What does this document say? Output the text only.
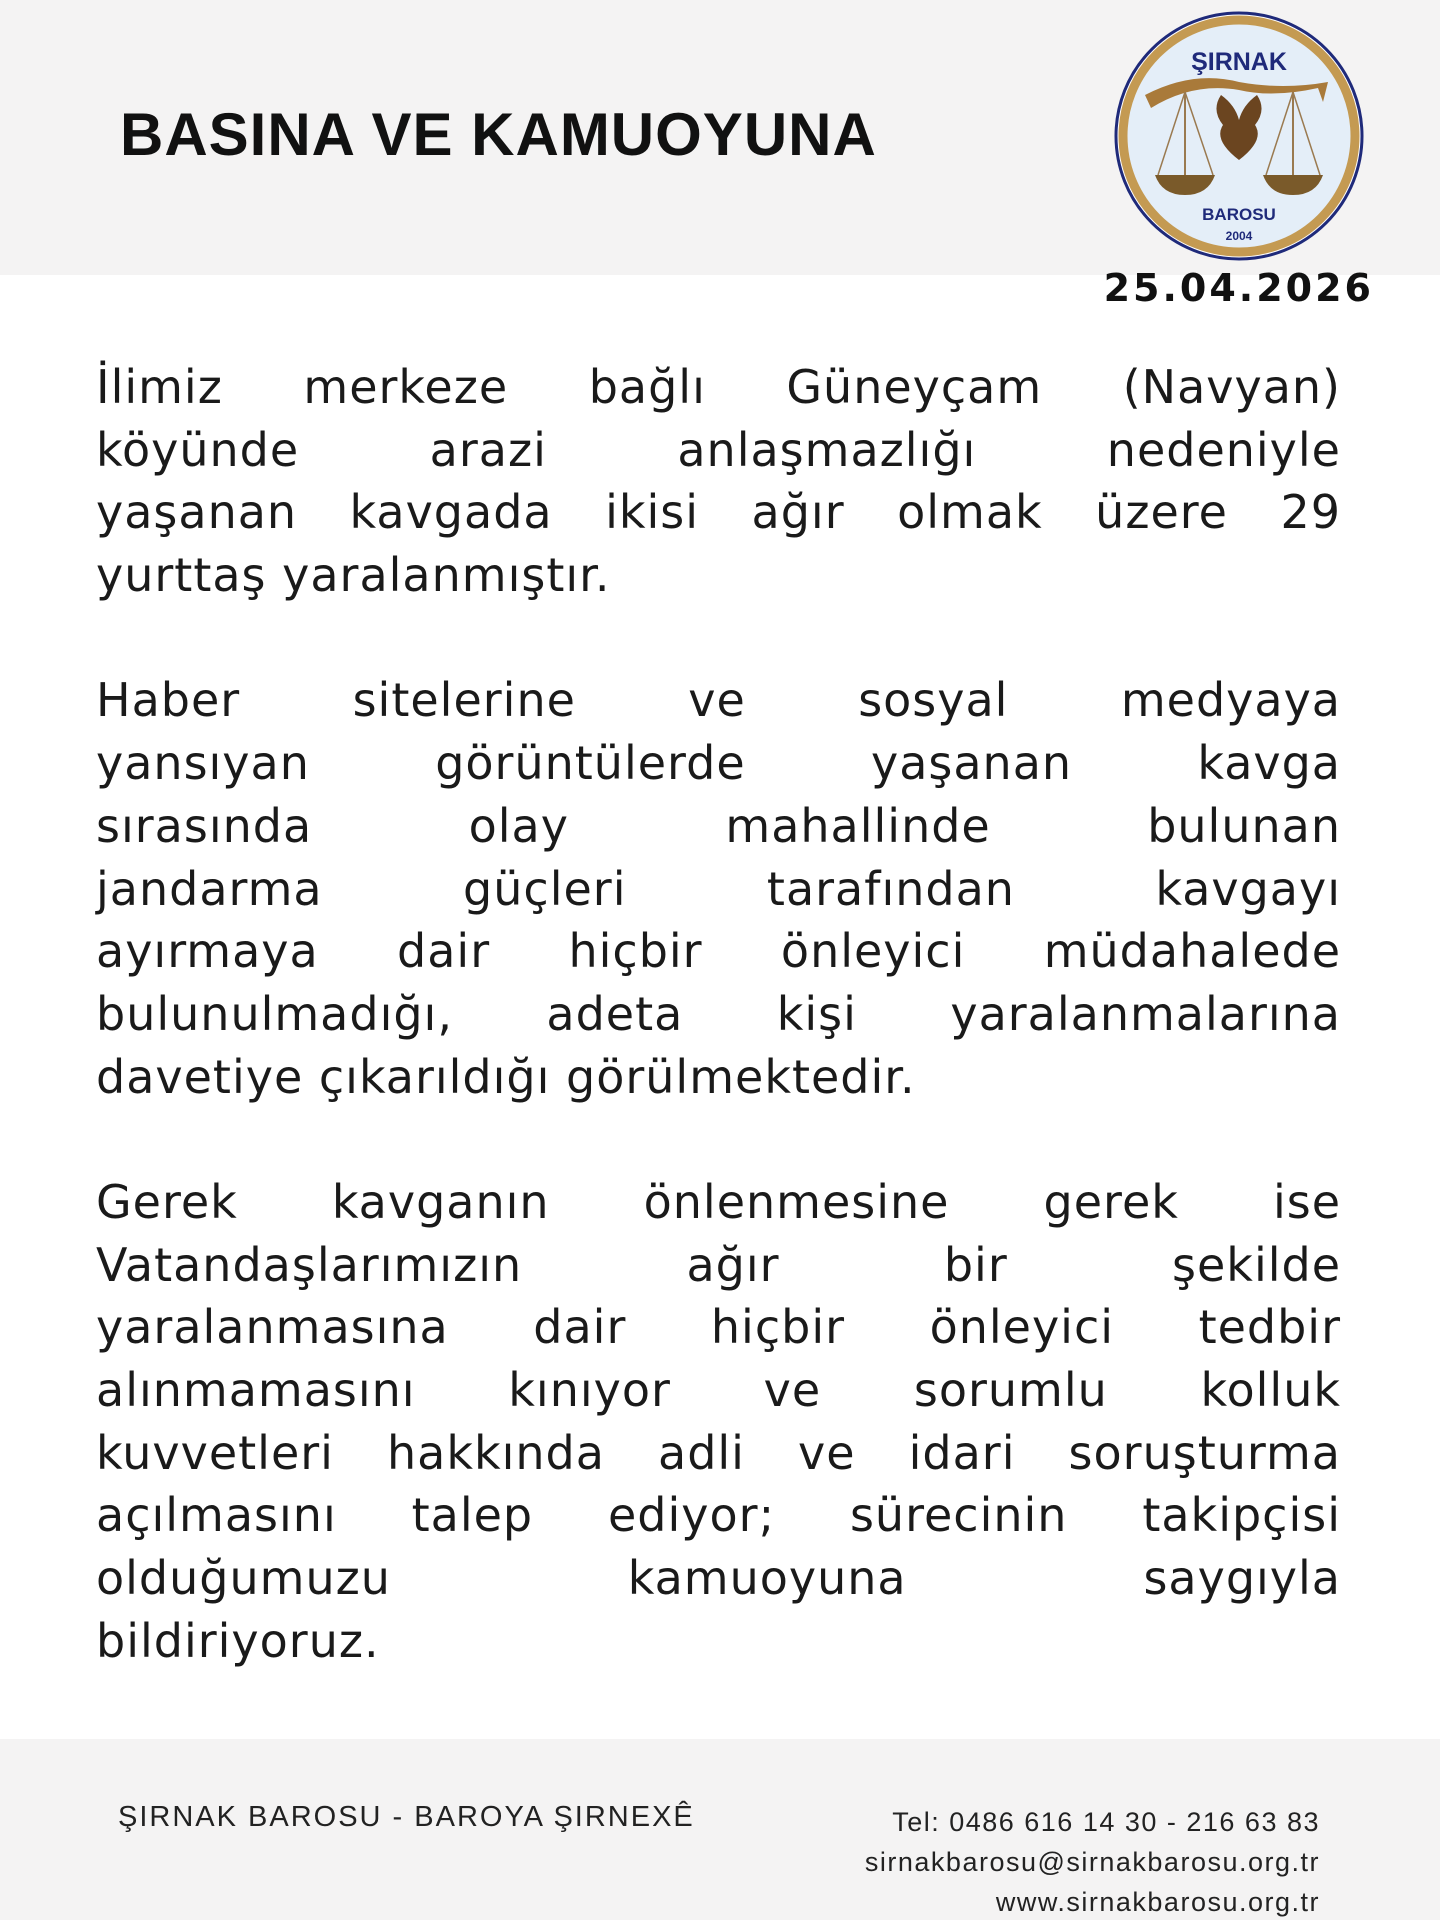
BASINA VE KAMUOYUNA
ŞIRNAK
BAROSU
2004
25.04.2026
İlimiz merkeze bağlı Güneyçam (Navyan)
köyünde arazi anlaşmazlığı nedeniyle
yaşanan kavgada ikisi ağır olmak üzere 29
yurttaş yaralanmıştır.
Haber sitelerine ve sosyal medyaya
yansıyan görüntülerde yaşanan kavga
sırasında olay mahallinde bulunan
jandarma güçleri tarafından kavgayı
ayırmaya dair hiçbir önleyici müdahalede
bulunulmadığı, adeta kişi yaralanmalarına
davetiye çıkarıldığı görülmektedir.
Gerek kavganın önlenmesine gerek ise
Vatandaşlarımızın ağır bir şekilde
yaralanmasına dair hiçbir önleyici tedbir
alınmamasını kınıyor ve sorumlu kolluk
kuvvetleri hakkında adli ve idari soruşturma
açılmasını talep ediyor; sürecinin takipçisi
olduğumuzu kamuoyuna saygıyla
bildiriyoruz.
ŞIRNAK BAROSU - BAROYA ŞIRNEXÊ	Tel: 0486 616 14 30 - 216 63 83
sirnakbarosu@sirnakbarosu.org.tr
www.sirnakbarosu.org.tr
